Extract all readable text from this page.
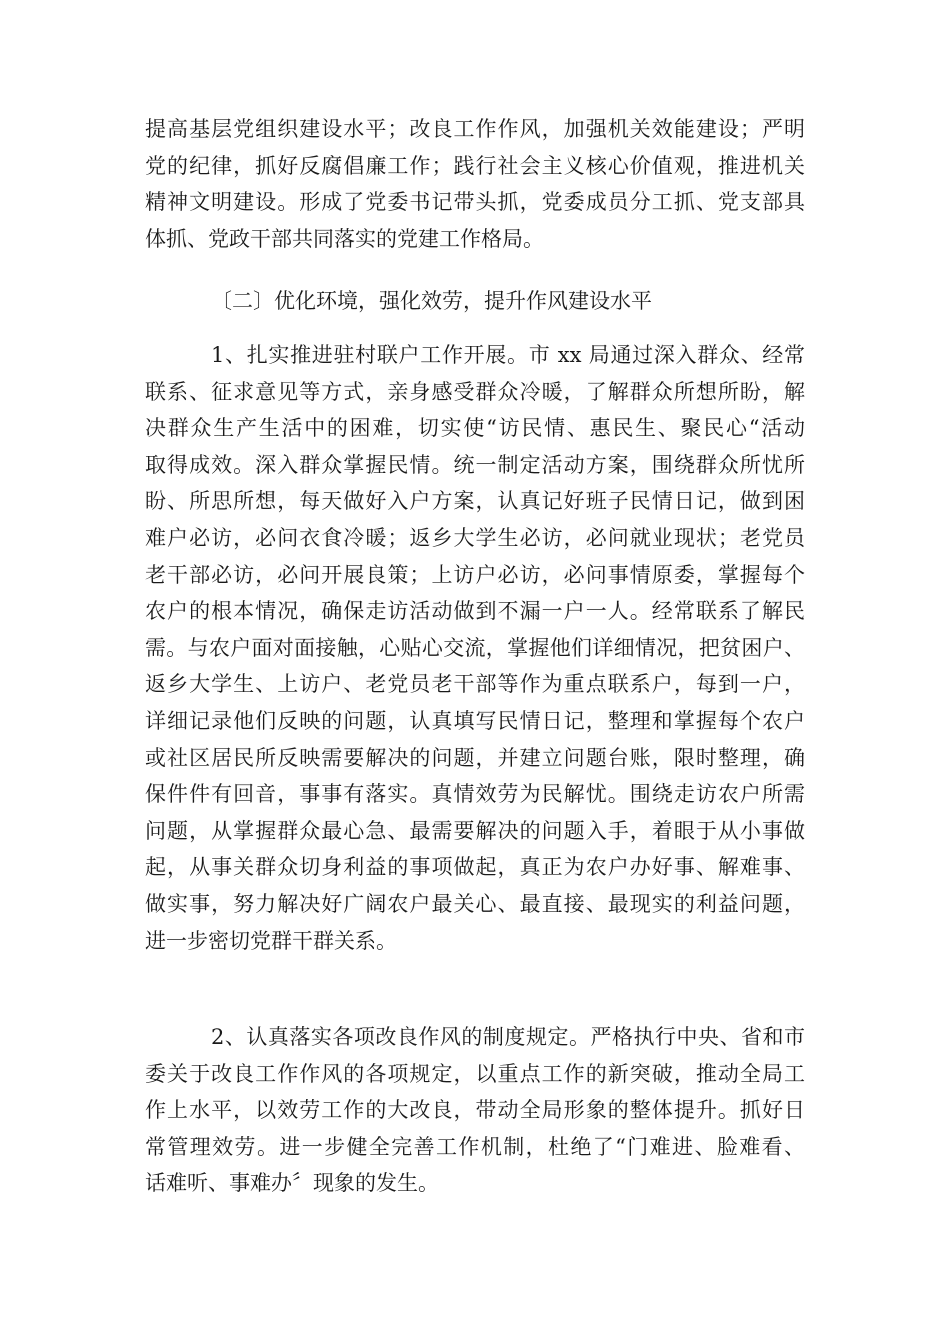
提高基层党组织建设水平；改良工作作风，加强机关效能建设；严明
党的纪律，抓好反腐倡廉工作；践行社会主义核心价值观，推进机关
精神文明建设。形成了党委书记带头抓，党委成员分工抓、党支部具
体抓、党政干部共同落实的党建工作格局。
〔二〕优化环境，强化效劳，提升作风建设水平
1、扎实推进驻村联户工作开展。市 xx 局通过深入群众、经常
联系、征求意见等方式，亲身感受群众冷暖，了解群众所想所盼，解
决群众生产生活中的困难，切实使“访民情、惠民生、聚民心“活动
取得成效。深入群众掌握民情。统一制定活动方案，围绕群众所忧所
盼、所思所想，每天做好入户方案，认真记好班子民情日记，做到困
难户必访，必问衣食冷暖；返乡大学生必访，必问就业现状；老党员
老干部必访，必问开展良策；上访户必访，必问事情原委，掌握每个
农户的根本情况，确保走访活动做到不漏一户一人。经常联系了解民
需。与农户面对面接触，心贴心交流，掌握他们详细情况，把贫困户、
返乡大学生、上访户、老党员老干部等作为重点联系户，每到一户，
详细记录他们反映的问题，认真填写民情日记，整理和掌握每个农户
或社区居民所反映需要解决的问题，并建立问题台账，限时整理，确
保件件有回音，事事有落实。真情效劳为民解忧。围绕走访农户所需
问题，从掌握群众最心急、最需要解决的问题入手，着眼于从小事做
起，从事关群众切身利益的事项做起，真正为农户办好事、解难事、
做实事，努力解决好广阔农户最关心、最直接、最现实的利益问题，
进一步密切党群干群关系。
2、认真落实各项改良作风的制度规定。严格执行中央、省和市
委关于改良工作作风的各项规定，以重点工作的新突破，推动全局工
作上水平，以效劳工作的大改良，带动全局形象的整体提升。抓好日
常管理效劳。进一步健全完善工作机制，杜绝了“门难进、脸难看、
话难听、事难办〞现象的发生。
